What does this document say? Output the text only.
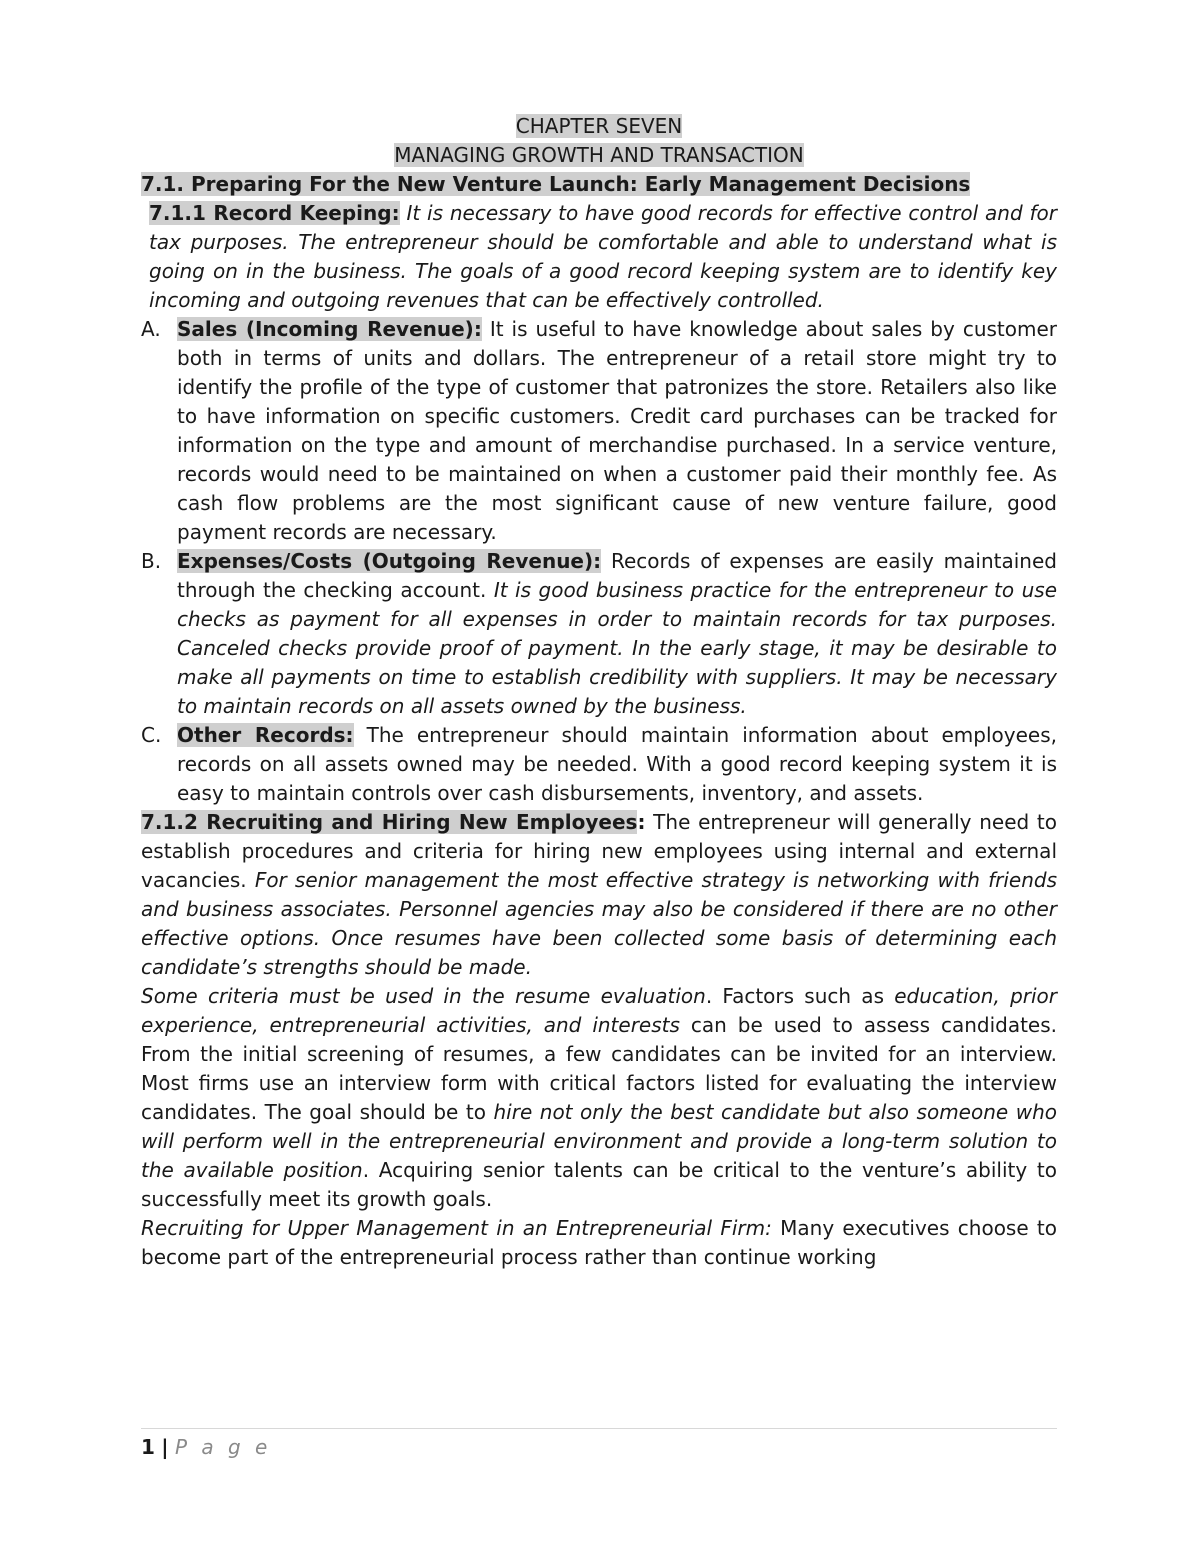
CHAPTER SEVEN

MANAGING GROWTH AND TRANSACTION

7.1. Preparing For the New Venture Launch: Early Management Decisions

7.1.1 Record Keeping: It is necessary to have good records for effective control and for tax purposes. The entrepreneur should be comfortable and able to understand what is going on in the business. The goals of a good record keeping system are to identify key incoming and outgoing revenues that can be effectively controlled.

A. Sales (Incoming Revenue): It is useful to have knowledge about sales by customer both in terms of units and dollars. The entrepreneur of a retail store might try to identify the profile of the type of customer that patronizes the store. Retailers also like to have information on specific customers. Credit card purchases can be tracked for information on the type and amount of merchandise purchased. In a service venture, records would need to be maintained on when a customer paid their monthly fee. As cash flow problems are the most significant cause of new venture failure, good payment records are necessary.
B. Expenses/Costs (Outgoing Revenue): Records of expenses are easily maintained through the checking account. It is good business practice for the entrepreneur to use checks as payment for all expenses in order to maintain records for tax purposes. Canceled checks provide proof of payment. In the early stage, it may be desirable to make all payments on time to establish credibility with suppliers. It may be necessary to maintain records on all assets owned by the business.
C. Other Records: The entrepreneur should maintain information about employees, records on all assets owned may be needed. With a good record keeping system it is easy to maintain controls over cash disbursements, inventory, and assets.

7.1.2 Recruiting and Hiring New Employees: The entrepreneur will generally need to establish procedures and criteria for hiring new employees using internal and external vacancies. For senior management the most effective strategy is networking with friends and business associates. Personnel agencies may also be considered if there are no other effective options. Once resumes have been collected some basis of determining each candidate’s strengths should be made.

Some criteria must be used in the resume evaluation. Factors such as education, prior experience, entrepreneurial activities, and interests can be used to assess candidates. From the initial screening of resumes, a few candidates can be invited for an interview. Most firms use an interview form with critical factors listed for evaluating the interview candidates. The goal should be to hire not only the best candidate but also someone who will perform well in the entrepreneurial environment and provide a long-term solution to the available position. Acquiring senior talents can be critical to the venture’s ability to successfully meet its growth goals.

Recruiting for Upper Management in an Entrepreneurial Firm: Many executives choose to become part of the entrepreneurial process rather than continue working

1 | P a g e
